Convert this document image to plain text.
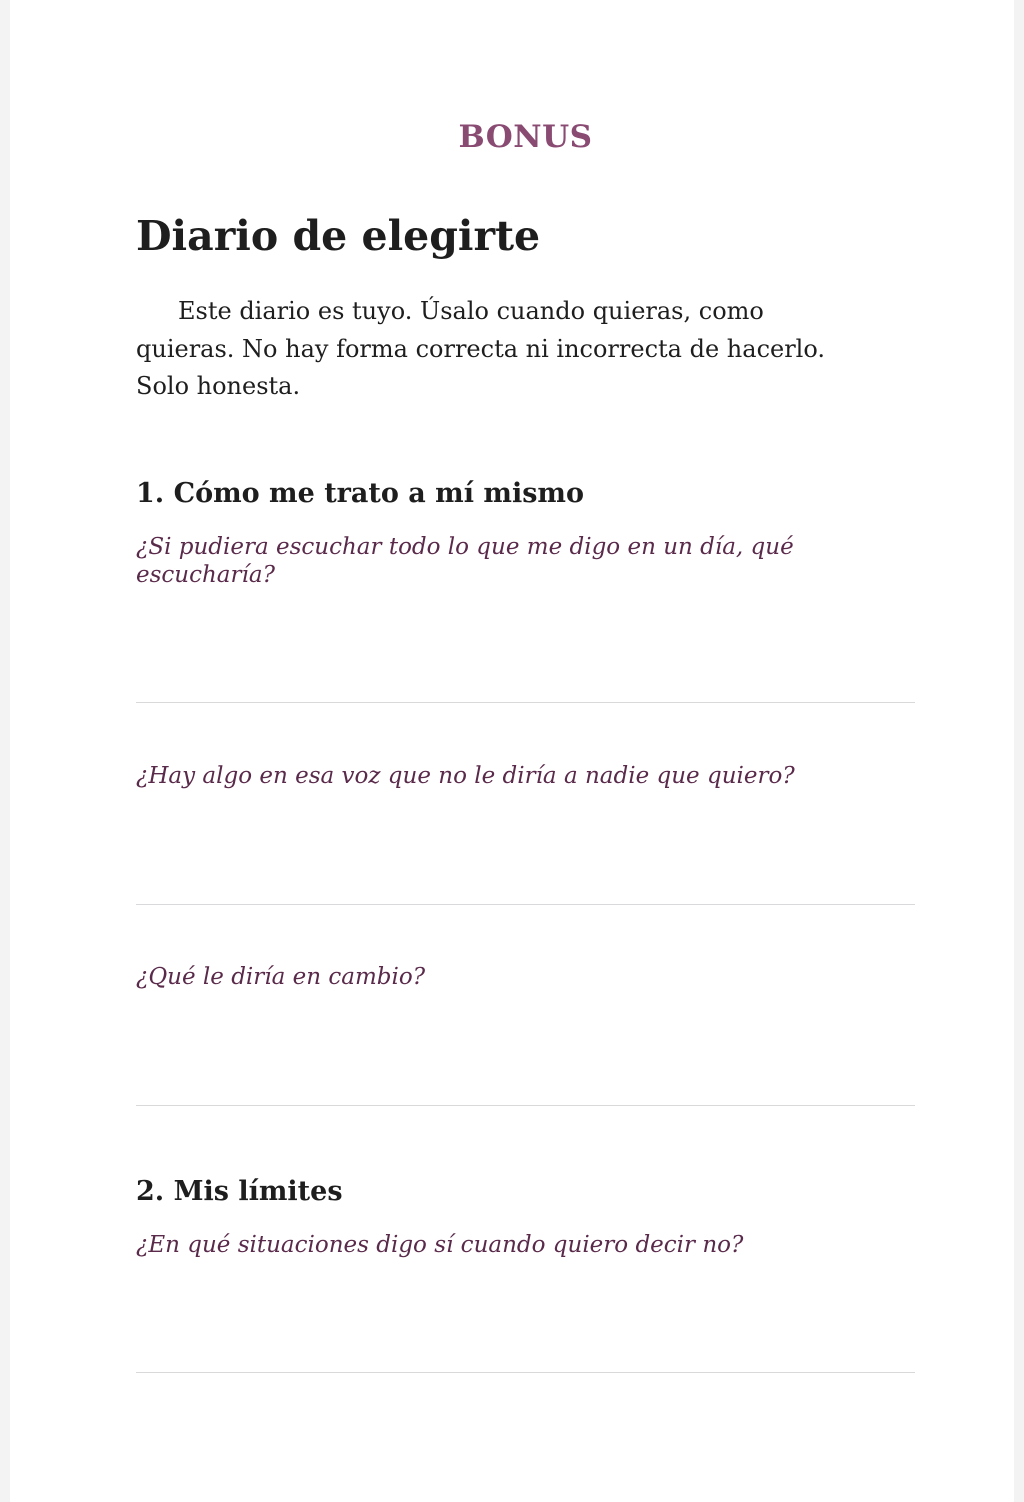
BONUS
Diario de elegirte
Este diario es tuyo. Úsalo cuando quieras, como
quieras. No hay forma correcta ni incorrecta de hacerlo.
Solo honesta.
1. Cómo me trato a mí mismo
¿Si pudiera escuchar todo lo que me digo en un día, qué
escucharía?
¿Hay algo en esa voz que no le diría a nadie que quiero?
¿Qué le diría en cambio?
2. Mis límites
¿En qué situaciones digo sí cuando quiero decir no?
